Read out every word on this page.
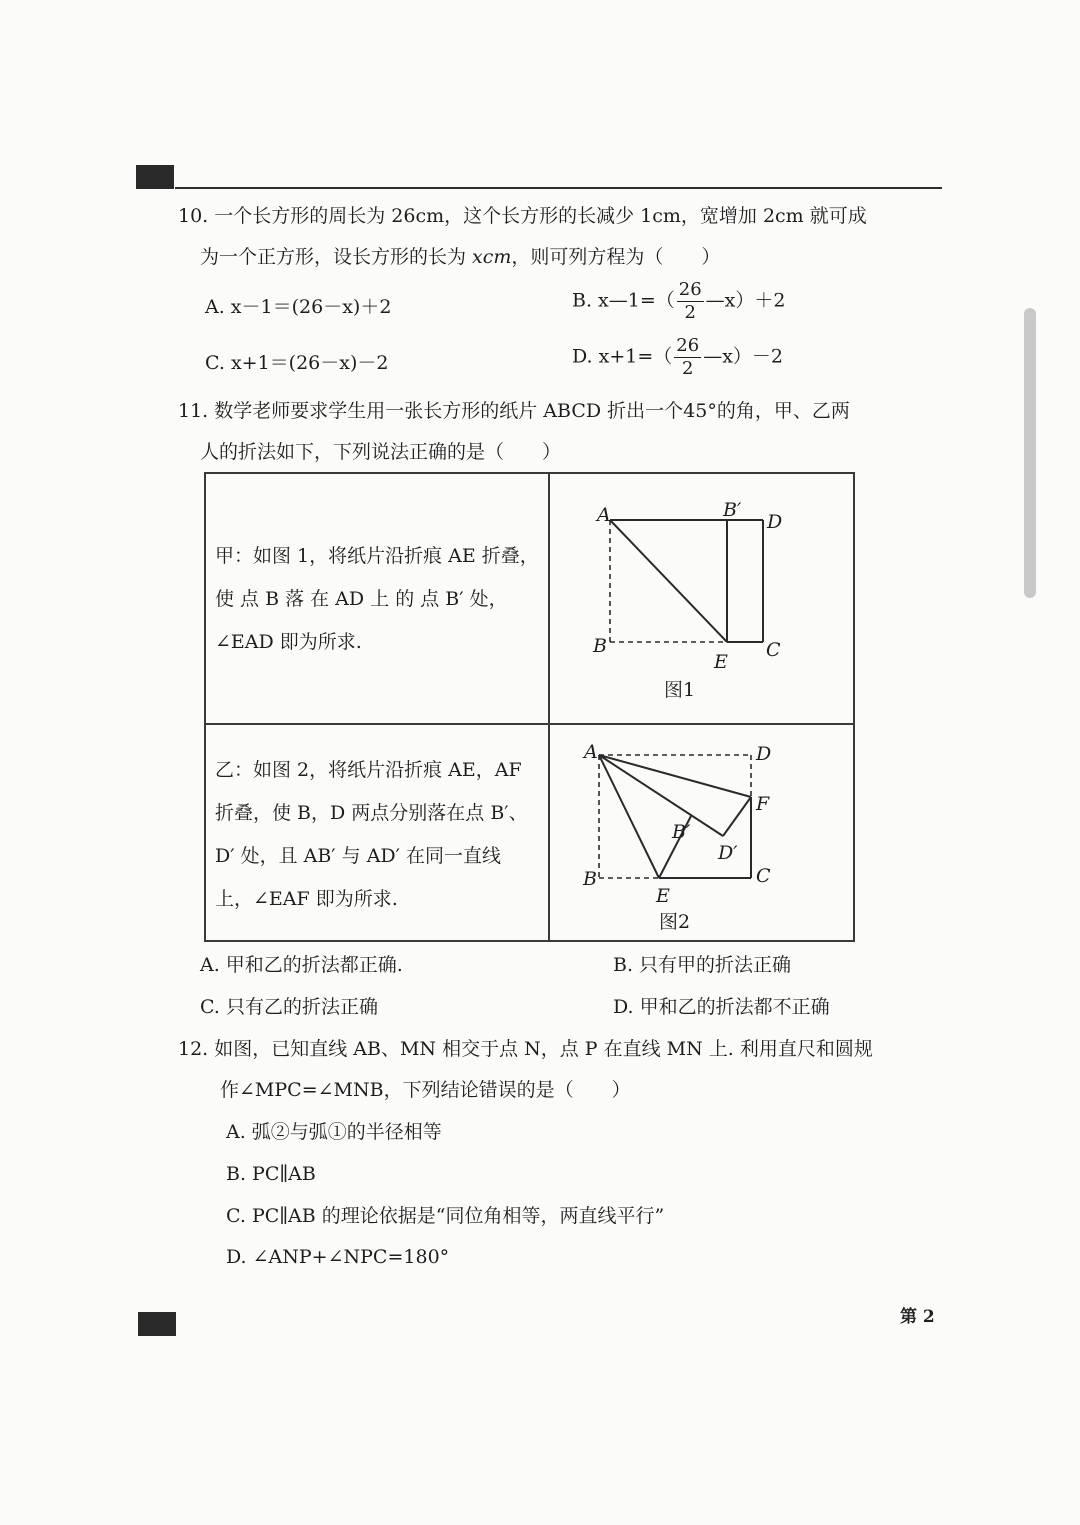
10. 一个长方形的周长为 26cm，这个长方形的长减少 1cm，宽增加 2cm 就可成
为一个正方形，设长方形的长为 xcm，则可列方程为（　　）
A. x－1＝(26－x)＋2	B. x—1=（ $\frac{26}{2}$ —x）＋2
C. x+1＝(26－x)－2	D. $x+1=( \frac{26}{2}$ —x）－2
11. 数学老师要求学生用一张长方形的纸片 ABCD 折出一个45°的角，甲、乙两
人的折法如下，下列说法正确的是（　　）
甲：如图 1，将纸片沿折痕 AE 折叠，
使 点 B 落 在 AD 上 的 点 B′ 处，
∠EAD 即为所求.
乙：如图 2，将纸片沿折痕 AE，AF
折叠，使 B，D 两点分别落在点 B′、
D′ 处，且 AB′ 与 AD′ 在同一直线
上，∠EAF 即为所求.
A	B′
D
B
E
C
图1
A	D
F
B′
D′
B
E
C
图2
A. 甲和乙的折法都正确.	B. 只有甲的折法正确
C. 只有乙的折法正确	D. 甲和乙的折法都不正确
12. 如图，已知直线 AB、MN 相交于点 N，点 P 在直线 MN 上. 利用直尺和圆规
作∠MPC=∠MNB，下列结论错误的是（　　）
A. 弧②与弧①的半径相等
B. PC∥AB
C. PC∥AB 的理论依据是“同位角相等，两直线平行”
D. ∠ANP+∠NPC=180°
第 2
